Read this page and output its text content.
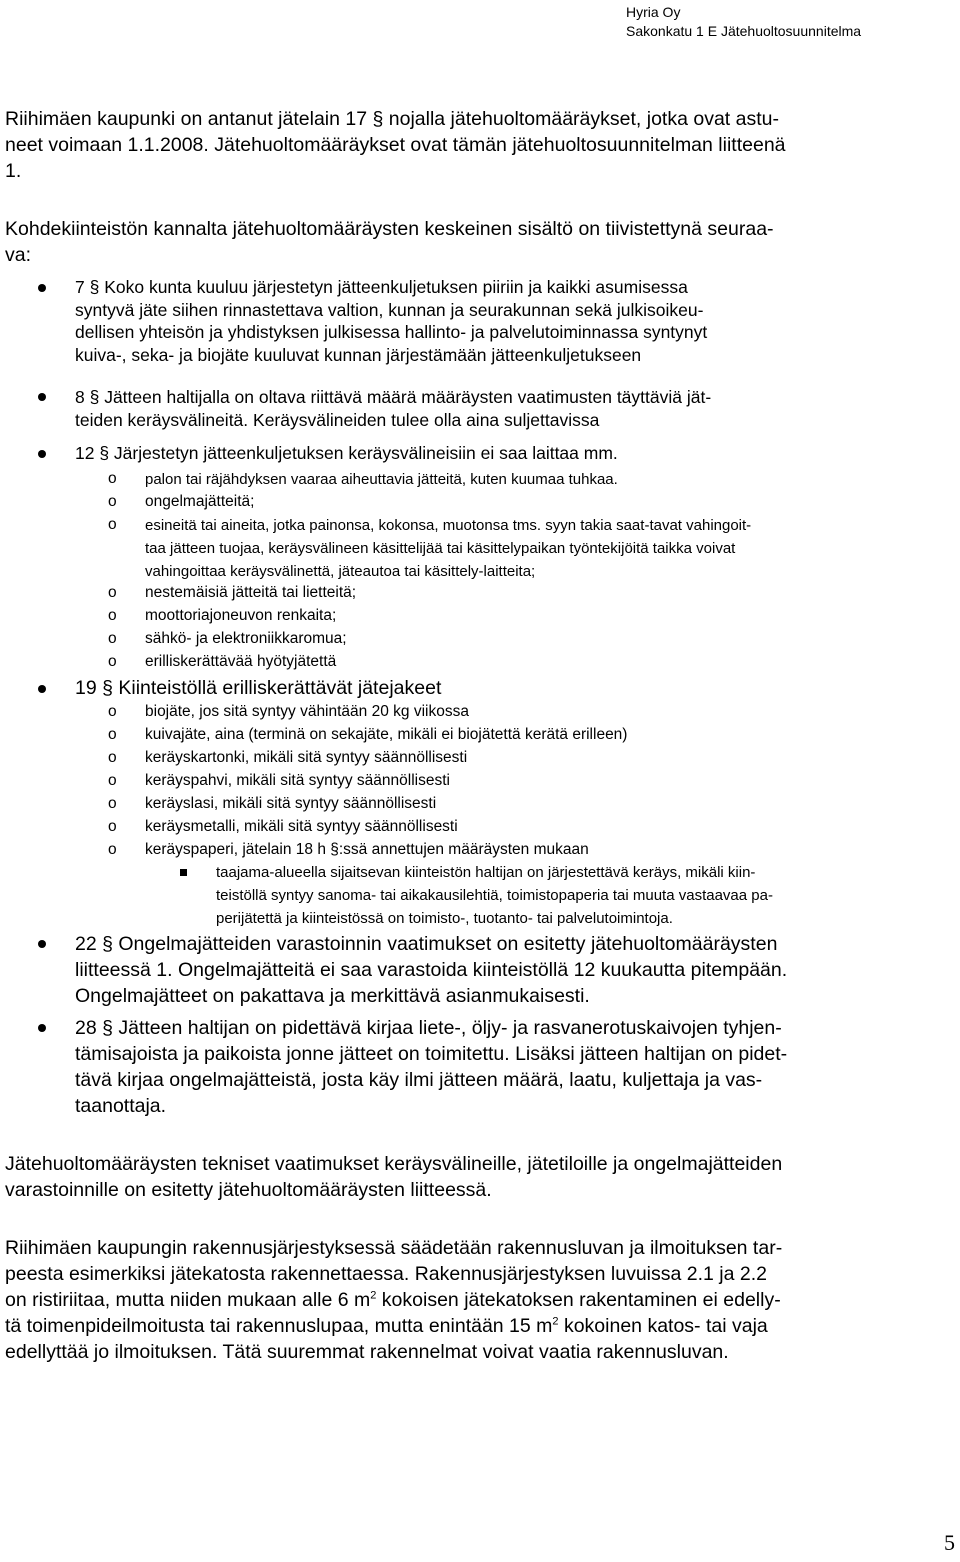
Hyria Oy
Sakonkatu 1 E Jätehuoltosuunnitelma
Riihimäen kaupunki on antanut jätelain 17 § nojalla jätehuoltomääräykset, jotka ovat astu-
neet voimaan 1.1.2008. Jätehuoltomääräykset ovat tämän jätehuoltosuunnitelman liitteenä
1.
Kohdekiinteistön kannalta jätehuoltomääräysten keskeinen sisältö on tiivistettynä seuraa-
va:
7 § Koko kunta kuuluu järjestetyn jätteenkuljetuksen piiriin ja kaikki asumisessa
syntyvä jäte siihen rinnastettava valtion, kunnan ja seurakunnan sekä julkisoikeu-
dellisen yhteisön ja yhdistyksen julkisessa hallinto- ja palvelutoiminnassa syntynyt
kuiva-, seka- ja biojäte kuuluvat kunnan järjestämään jätteenkuljetukseen
8 § Jätteen haltijalla on oltava riittävä määrä määräysten vaatimusten täyttäviä jät-
teiden keräysvälineitä. Keräysvälineiden tulee olla aina suljettavissa
12 § Järjestetyn jätteenkuljetuksen keräysvälineisiin ei saa laittaa mm.
o palon tai räjähdyksen vaaraa aiheuttavia jätteitä, kuten kuumaa tuhkaa.
o ongelmajätteitä;
o esineitä tai aineita, jotka painonsa, kokonsa, muotonsa tms. syyn takia saat-tavat vahingoit-
taa jätteen tuojaa, keräysvälineen käsittelijää tai käsittelypaikan työntekijöitä taikka voivat
vahingoittaa keräysvälinettä, jäteautoa tai käsittely-laitteita;
o nestemäisiä jätteitä tai lietteitä;
o moottoriajoneuvon renkaita;
o sähkö- ja elektroniikkaromua;
o erilliskerättävää hyötyjätettä
19 § Kiinteistöllä erilliskerättävät jätejakeet
o biojäte, jos sitä syntyy vähintään 20 kg viikossa
o kuivajäte, aina (terminä on sekajäte, mikäli ei biojätettä kerätä erilleen)
o keräyskartonki, mikäli sitä syntyy säännöllisesti
o keräyspahvi, mikäli sitä syntyy säännöllisesti
o keräyslasi, mikäli sitä syntyy säännöllisesti
o keräysmetalli, mikäli sitä syntyy säännöllisesti
o keräyspaperi, jätelain 18 h §:ssä annettujen määräysten mukaan
taajama-alueella sijaitsevan kiinteistön haltijan on järjestettävä keräys, mikäli kiin-
teistöllä syntyy sanoma- tai aikakausilehtiä, toimistopaperia tai muuta vastaavaa pa-
perijätettä ja kiinteistössä on toimisto-, tuotanto- tai palvelutoimintoja.
22 § Ongelmajätteiden varastoinnin vaatimukset on esitetty jätehuoltomääräysten
liitteessä 1. Ongelmajätteitä ei saa varastoida kiinteistöllä 12 kuukautta pitempään.
Ongelmajätteet on pakattava ja merkittävä asianmukaisesti.
28 § Jätteen haltijan on pidettävä kirjaa liete-, öljy- ja rasvanerotuskaivojen tyhjen-
tämisajoista ja paikoista jonne jätteet on toimitettu. Lisäksi jätteen haltijan on pidet-
tävä kirjaa ongelmajätteistä, josta käy ilmi jätteen määrä, laatu, kuljettaja ja vas-
taanottaja.
Jätehuoltomääräysten tekniset vaatimukset keräysvälineille, jätetiloille ja ongelmajätteiden
varastoinnille on esitetty jätehuoltomääräysten liitteessä.
Riihimäen kaupungin rakennusjärjestyksessä säädetään rakennusluvan ja ilmoituksen tar-
peesta esimerkiksi jätekatosta rakennettaessa. Rakennusjärjestyksen luvuissa 2.1 ja 2.2
on ristiriitaa, mutta niiden mukaan alle 6 $m^2$ kokoisen jätekatoksen rakentaminen ei edelly-
tä toimenpideilmoitusta tai rakennuslupaa, mutta enintään 15 $m^2$ kokoinen katos- tai vaja
edellyttää jo ilmoituksen. Tätä suuremmat rakennelmat voivat vaatia rakennusluvan.
5
